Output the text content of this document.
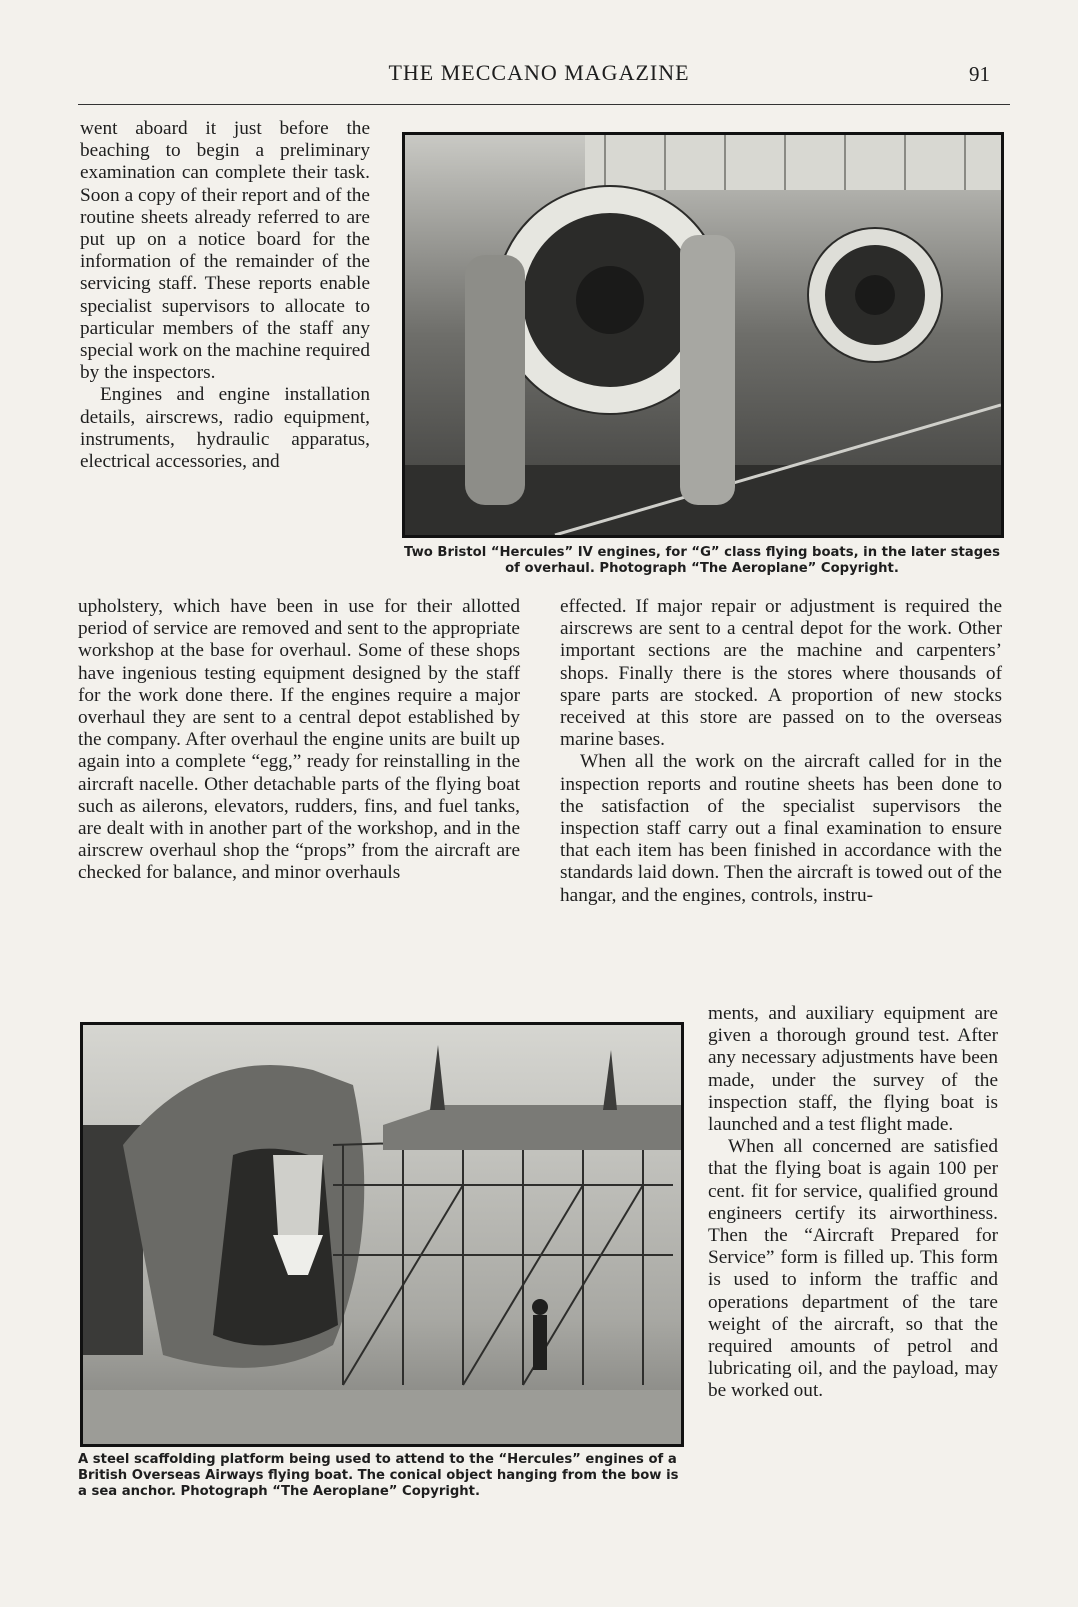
THE MECCANO MAGAZINE	91

went aboard it just before the beaching to begin a preliminary examination can complete their task. Soon a copy of their report and of the routine sheets already referred to are put up on a notice board for the information of the remainder of the servicing staff. These reports enable specialist supervisors to allocate to particular members of the staff any special work on the machine required by the inspectors.

Engines and engine installation details, airscrews, radio equipment, instruments, hydraulic apparatus, electrical accessories, and

Two Bristol “Hercules” IV engines, for “G” class flying boats, in the later stages of overhaul. Photograph “The Aeroplane” Copyright.

upholstery, which have been in use for their allotted period of service are removed and sent to the appropriate workshop at the base for overhaul. Some of these shops have ingenious testing equipment designed by the staff for the work done there. If the engines require a major overhaul they are sent to a central depot established by the company. After overhaul the engine units are built up again into a complete “egg,” ready for reinstalling in the aircraft nacelle. Other detachable parts of the flying boat such as ailerons, elevators, rudders, fins, and fuel tanks, are dealt with in another part of the workshop, and in the airscrew overhaul shop the “props” from the aircraft are checked for balance, and minor overhauls

effected. If major repair or adjustment is required the airscrews are sent to a central depot for the work. Other important sections are the machine and carpenters’ shops. Finally there is the stores where thousands of spare parts are stocked. A proportion of new stocks received at this store are passed on to the overseas marine bases.

When all the work on the aircraft called for in the inspection reports and routine sheets has been done to the satisfaction of the specialist supervisors the inspection staff carry out a final examination to ensure that each item has been finished in accordance with the standards laid down. Then the aircraft is towed out of the hangar, and the engines, controls, instru-

A steel scaffolding platform being used to attend to the “Hercules” engines of a British Overseas Airways flying boat. The conical object hanging from the bow is a sea anchor. Photograph “The Aeroplane” Copyright.

ments, and auxiliary equipment are given a thorough ground test. After any necessary adjustments have been made, under the survey of the inspection staff, the flying boat is launched and a test flight made.

When all concerned are satisfied that the flying boat is again 100 per cent. fit for service, qualified ground engineers certify its airworthiness. Then the “Aircraft Prepared for Service” form is filled up. This form is used to inform the traffic and operations department of the tare weight of the aircraft, so that the required amounts of petrol and lubricating oil, and the payload, may be worked out.
